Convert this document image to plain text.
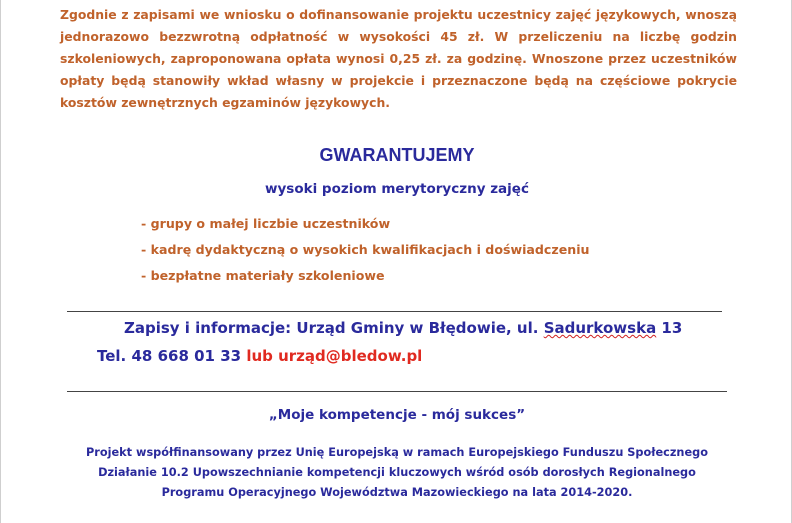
Zgodnie z zapisami we wniosku o dofinansowanie projektu uczestnicy zajęć językowych, wnoszą jednorazowo bezzwrotną odpłatność w wysokości 45 zł. W przeliczeniu na liczbę godzin szkoleniowych, zaproponowana opłata wynosi 0,25 zł. za godzinę. Wnoszone przez uczestników opłaty będą stanowiły wkład własny w projekcie i przeznaczone będą na częściowe pokrycie kosztów zewnętrznych egzaminów językowych.

GWARANTUJEMY

wysoki poziom merytoryczny zajęć

- grupy o małej liczbie uczestników
- kadrę dydaktyczną o wysokich kwalifikacjach i doświadczeniu
- bezpłatne materiały szkoleniowe
Zapisy i informacje: Urząd Gminy w Błędowie, ul. Sadurkowska 13
Tel. 48 668 01 33 lub urząd@bledow.pl

„Moje kompetencje - mój sukces”

Projekt współfinansowany przez Unię Europejską w ramach Europejskiego Funduszu Społecznego
Działanie 10.2 Upowszechnianie kompetencji kluczowych wśród osób dorosłych Regionalnego
Programu Operacyjnego Województwa Mazowieckiego na lata 2014-2020.
